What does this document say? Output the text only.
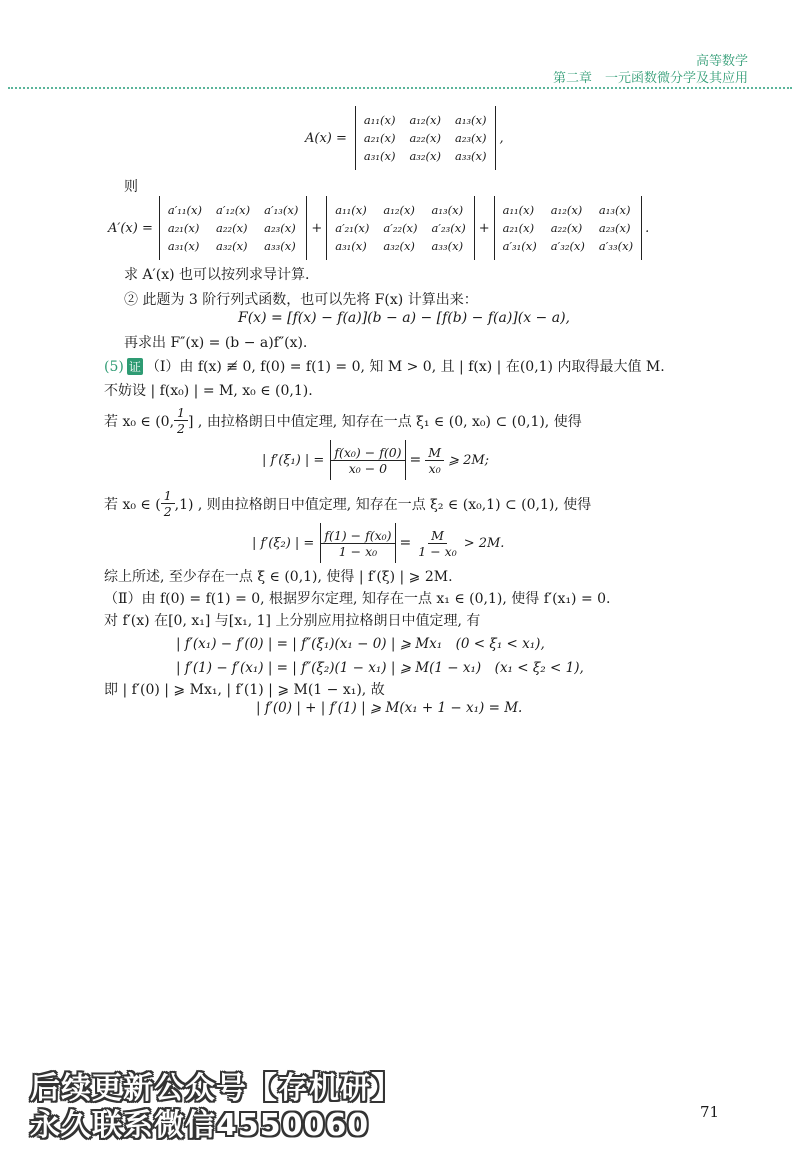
高等数学
第二章　一元函数微分学及其应用
A(x) =
a₁₁(x) a₁₂(x) a₁₃(x)
a₂₁(x) a₂₂(x) a₂₃(x)
a₃₁(x) a₃₂(x) a₃₃(x)
,
则
A′(x) =
a′₁₁(x) a′₁₂(x) a′₁₃(x)
a₂₁(x) a₂₂(x) a₂₃(x)
a₃₁(x) a₃₂(x) a₃₃(x)
+
a₁₁(x) a₁₂(x) a₁₃(x)
a′₂₁(x) a′₂₂(x) a′₂₃(x)
a₃₁(x) a₃₂(x) a₃₃(x)
+
a₁₁(x) a₁₂(x) a₁₃(x)
a₂₁(x) a₂₂(x) a₂₃(x)
a′₃₁(x) a′₃₂(x) a′₃₃(x)
.
求 A′(x) 也可以按列求导计算.
② 此题为 3 阶行列式函数，也可以先将 F(x) 计算出来：
F(x) = [f(x) − f(a)](b − a) − [f(b) − f(a)](x − a),
再求出 F″(x) = (b − a)f″(x).
(5) 证 （Ⅰ）由 f(x) ≢ 0, f(0) = f(1) = 0, 知 M > 0, 且 | f(x) | 在(0,1) 内取得最大值 M.
不妨设 | f(x₀) | = M, x₀ ∈ (0,1).
若 x₀ ∈ (0, $\frac{1}{2}$ ] , 由拉格朗日中值定理, 知存在一点 ξ₁ ∈ (0, x₀) ⊂ (0,1), 使得
| f′(ξ₁) | = $\frac{\text{f(x₀) − f(0)}}{\text{x₀ − 0}} = \frac{M}{\text{x₀}}$ ⩾ 2M;
若 x₀ ∈ ( $\frac{1}{2} ,1$) , 则由拉格朗日中值定理, 知存在一点 ξ₂ ∈ (x₀,1) ⊂ (0,1), 使得
| f′(ξ₂) | = $\frac{\text{f(1) − f(x₀)}}{\text{1 − x₀}} = \frac{M}{\text{1 − x₀}} > 2M$.
综上所述, 至少存在一点 ξ ∈ (0,1), 使得 | f′(ξ) | ⩾ 2M.
（Ⅱ）由 f(0) = f(1) = 0, 根据罗尔定理, 知存在一点 x₁ ∈ (0,1), 使得 f′(x₁) = 0.
对 f′(x) 在[0, x₁] 与[x₁, 1] 上分别应用拉格朗日中值定理, 有
| f′(x₁) − f′(0) | = | f″(ξ₁)(x₁ − 0) | ⩾ Mx₁　(0 < ξ₁ < x₁),
| f′(1) − f′(x₁) | = | f″(ξ₂)(1 − x₁) | ⩾ M(1 − x₁)　(x₁ < ξ₂ < 1),
即 | f′(0) | ⩾ Mx₁, | f′(1) | ⩾ M(1 − x₁), 故
| f′(0) | + | f′(1) | ⩾ M(x₁ + 1 − x₁) = M.
后续更新公众号【存机研】
永久联系微信4550060	71
